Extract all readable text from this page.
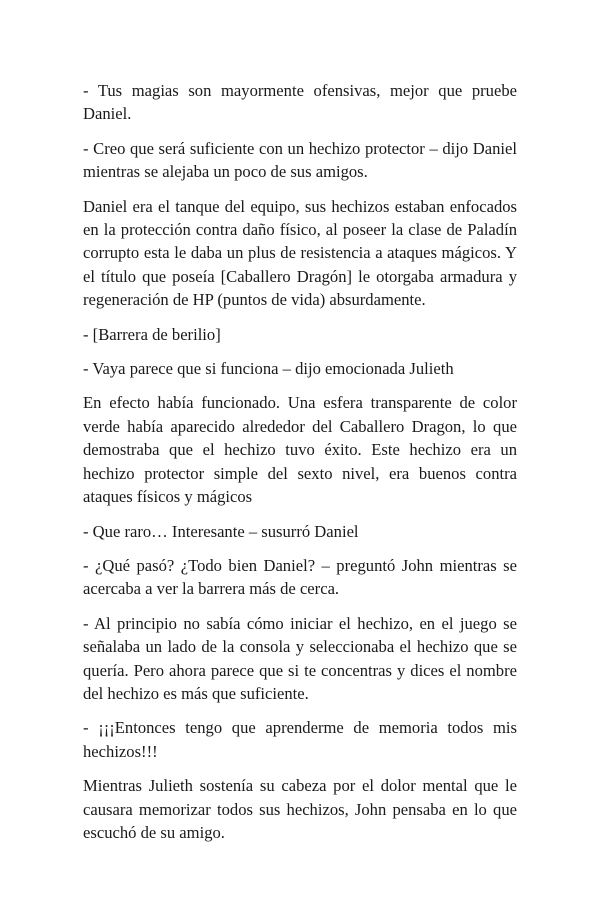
- Tus magias son mayormente ofensivas, mejor que pruebe Daniel.

- Creo que será suficiente con un hechizo protector – dijo Daniel mientras se alejaba un poco de sus amigos.

Daniel era el tanque del equipo, sus hechizos estaban enfocados en la protección contra daño físico, al poseer la clase de Paladín corrupto esta le daba un plus de resistencia a ataques mágicos. Y el título que poseía [Caballero Dragón] le otorgaba armadura y regeneración de HP (puntos de vida) absurdamente.

- [Barrera de berilio]

- Vaya parece que si funciona – dijo emocionada Julieth

En efecto había funcionado. Una esfera transparente de color verde había aparecido alrededor del Caballero Dragon, lo que demostraba que el hechizo tuvo éxito. Este hechizo era un hechizo protector simple del sexto nivel, era buenos contra ataques físicos y mágicos

- Que raro… Interesante – susurró Daniel

- ¿Qué pasó? ¿Todo bien Daniel? – preguntó John mientras se acercaba a ver la barrera más de cerca.

- Al principio no sabía cómo iniciar el hechizo, en el juego se señalaba un lado de la consola y seleccionaba el hechizo que se quería. Pero ahora parece que si te concentras y dices el nombre del hechizo es más que suficiente.

- ¡¡¡Entonces tengo que aprenderme de memoria todos mis hechizos!!!

Mientras Julieth sostenía su cabeza por el dolor mental que le causara memorizar todos sus hechizos, John pensaba en lo que escuchó de su amigo.
